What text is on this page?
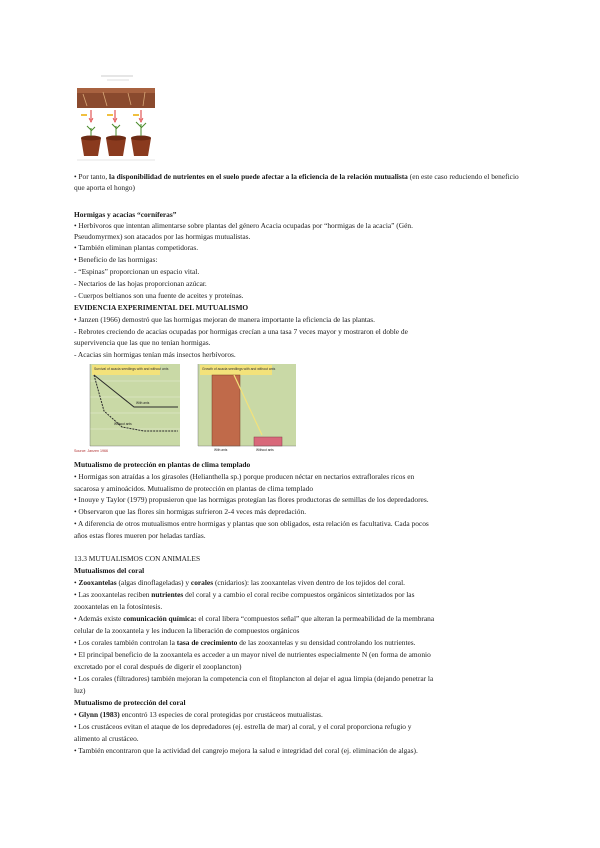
• Por tanto, la disponibilidad de nutrientes en el suelo puede afectar a la eficiencia de la relación mutualista (en este caso reduciendo el beneficio que aporta el hongo)
Hormigas y acacias “corníferas”
• Herbívoros que intentan alimentarse sobre plantas del género Acacia ocupadas por “hormigas de la acacia” (Gén.
Pseudomyrmex) son atacados por las hormigas mutualistas.
• También eliminan plantas competidoras.
• Beneficio de las hormigas:
- “Espinas” proporcionan un espacio vital.
- Nectarios de las hojas proporcionan azúcar.
- Cuerpos beltianos son una fuente de aceites y proteínas.
EVIDENCIA EXPERIMENTAL DEL MUTUALISMO
• Janzen (1966) demostró que las hormigas mejoran de manera importante la eficiencia de las plantas.
- Rebrotes creciendo de acacias ocupadas por hormigas crecían a una tasa 7 veces mayor y mostraron el doble de
supervivencia que las que no tenían hormigas.
- Acacias sin hormigas tenían más insectos herbívoros.
Survival of acacia seedlings with and without ants
With ants
Without ants
Growth of acacia seedlings with and without ants
With ants	Without ants
Source: Janzen 1966
Mutualismo de protección en plantas de clima templado
• Hormigas son atraídas a los girasoles (Helianthella sp.) porque producen néctar en nectarios extraflorales ricos en
sacarosa y aminoácidos. Mutualismo de protección en plantas de clima templado
• Inouye y Taylor (1979) propusieron que las hormigas protegían las flores productoras de semillas de los depredadores.
• Observaron que las flores sin hormigas sufrieron 2-4 veces más depredación.
• A diferencia de otros mutualismos entre hormigas y plantas que son obligados, esta relación es facultativa. Cada pocos
años estas flores mueren por heladas tardías.
13.3 MUTUALISMOS CON ANIMALES
Mutualismos del coral
• Zooxantelas (algas dinoflageladas) y corales (cnidarios): las zooxantelas viven dentro de los tejidos del coral.
• Las zooxantelas reciben nutrientes del coral y a cambio el coral recibe compuestos orgánicos sintetizados por las
zooxantelas en la fotosíntesis.
• Además existe comunicación química: el coral libera “compuestos señal” que alteran la permeabilidad de la membrana
celular de la zooxantela y les inducen la liberación de compuestos orgánicos
• Los corales también controlan la tasa de crecimiento de las zooxantelas y su densidad controlando los nutrientes.
• El principal beneficio de la zooxantela es acceder a un mayor nivel de nutrientes especialmente N (en forma de amonio
excretado por el coral después de digerir el zooplancton)
• Los corales (filtradores) también mejoran la competencia con el fitoplancton al dejar el agua limpia (dejando penetrar la
luz)
Mutualismo de protección del coral
• Glynn (1983) encontró 13 especies de coral protegidas por crustáceos mutualistas.
• Los crustáceos evitan el ataque de los depredadores (ej. estrella de mar) al coral, y el coral proporciona refugio y
alimento al crustáceo.
• También encontraron que la actividad del cangrejo mejora la salud e integridad del coral (ej. eliminación de algas).
